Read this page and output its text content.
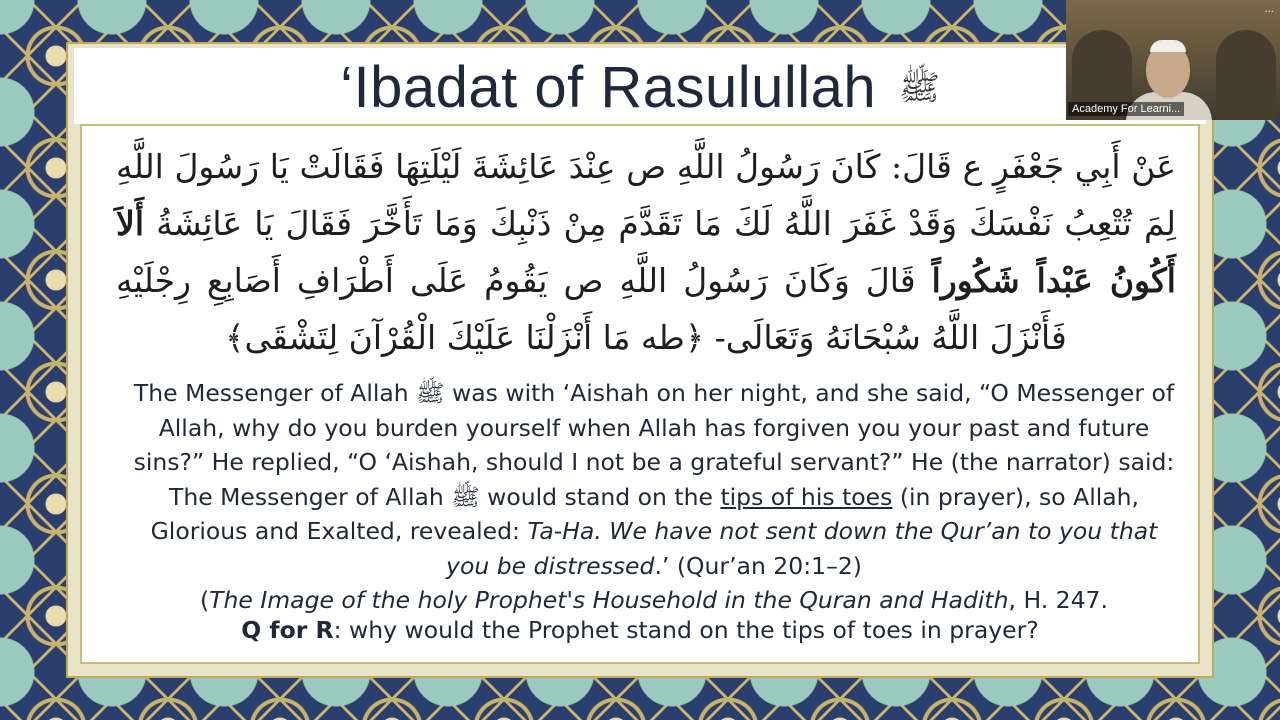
‘Ibadat of Rasulullah ﷺ
عَنْ أَبِي جَعْفَرٍ ع قَالَ: كَانَ رَسُولُ اللَّهِ ص عِنْدَ عَائِشَةَ لَيْلَتِهَا فَقَالَتْ يَا رَسُولَ اللَّهِ لِمَ تُتْعِبُ نَفْسَكَ وَقَدْ غَفَرَ اللَّهُ لَكَ مَا تَقَدَّمَ مِنْ ذَنْبِكَ وَمَا تَأَخَّرَ فَقَالَ يَا عَائِشَةُ أَلاَ أَكُونُ عَبْداً شَكُوراً قَالَ وَكَانَ رَسُولُ اللَّهِ ص يَقُومُ عَلَى أَطْرَافِ أَصَابِعِ رِجْلَيْهِ فَأَنْزَلَ اللَّهُ سُبْحَانَهُ وَتَعَالَى- ﴿طه مَا أَنْزَلْنَا عَلَيْكَ الْقُرْآنَ لِتَشْقَى﴾
The Messenger of Allah ﷺ was with ‘Aishah on her night, and she said, “O Messenger of Allah, why do you burden yourself when Allah has forgiven you your past and future sins?” He replied, “O ‘Aishah, should I not be a grateful servant?” He (the narrator) said: The Messenger of Allah ﷺ would stand on the tips of his toes (in prayer), so Allah, Glorious and Exalted, revealed: Ta-Ha. We have not sent down the Qur’an to you that you be distressed.’ (Qur’an 20:1–2)
(The Image of the holy Prophet's Household in the Quran and Hadith, H. 247.
Q for R: why would the Prophet stand on the tips of toes in prayer?
...
Academy For Learni...
